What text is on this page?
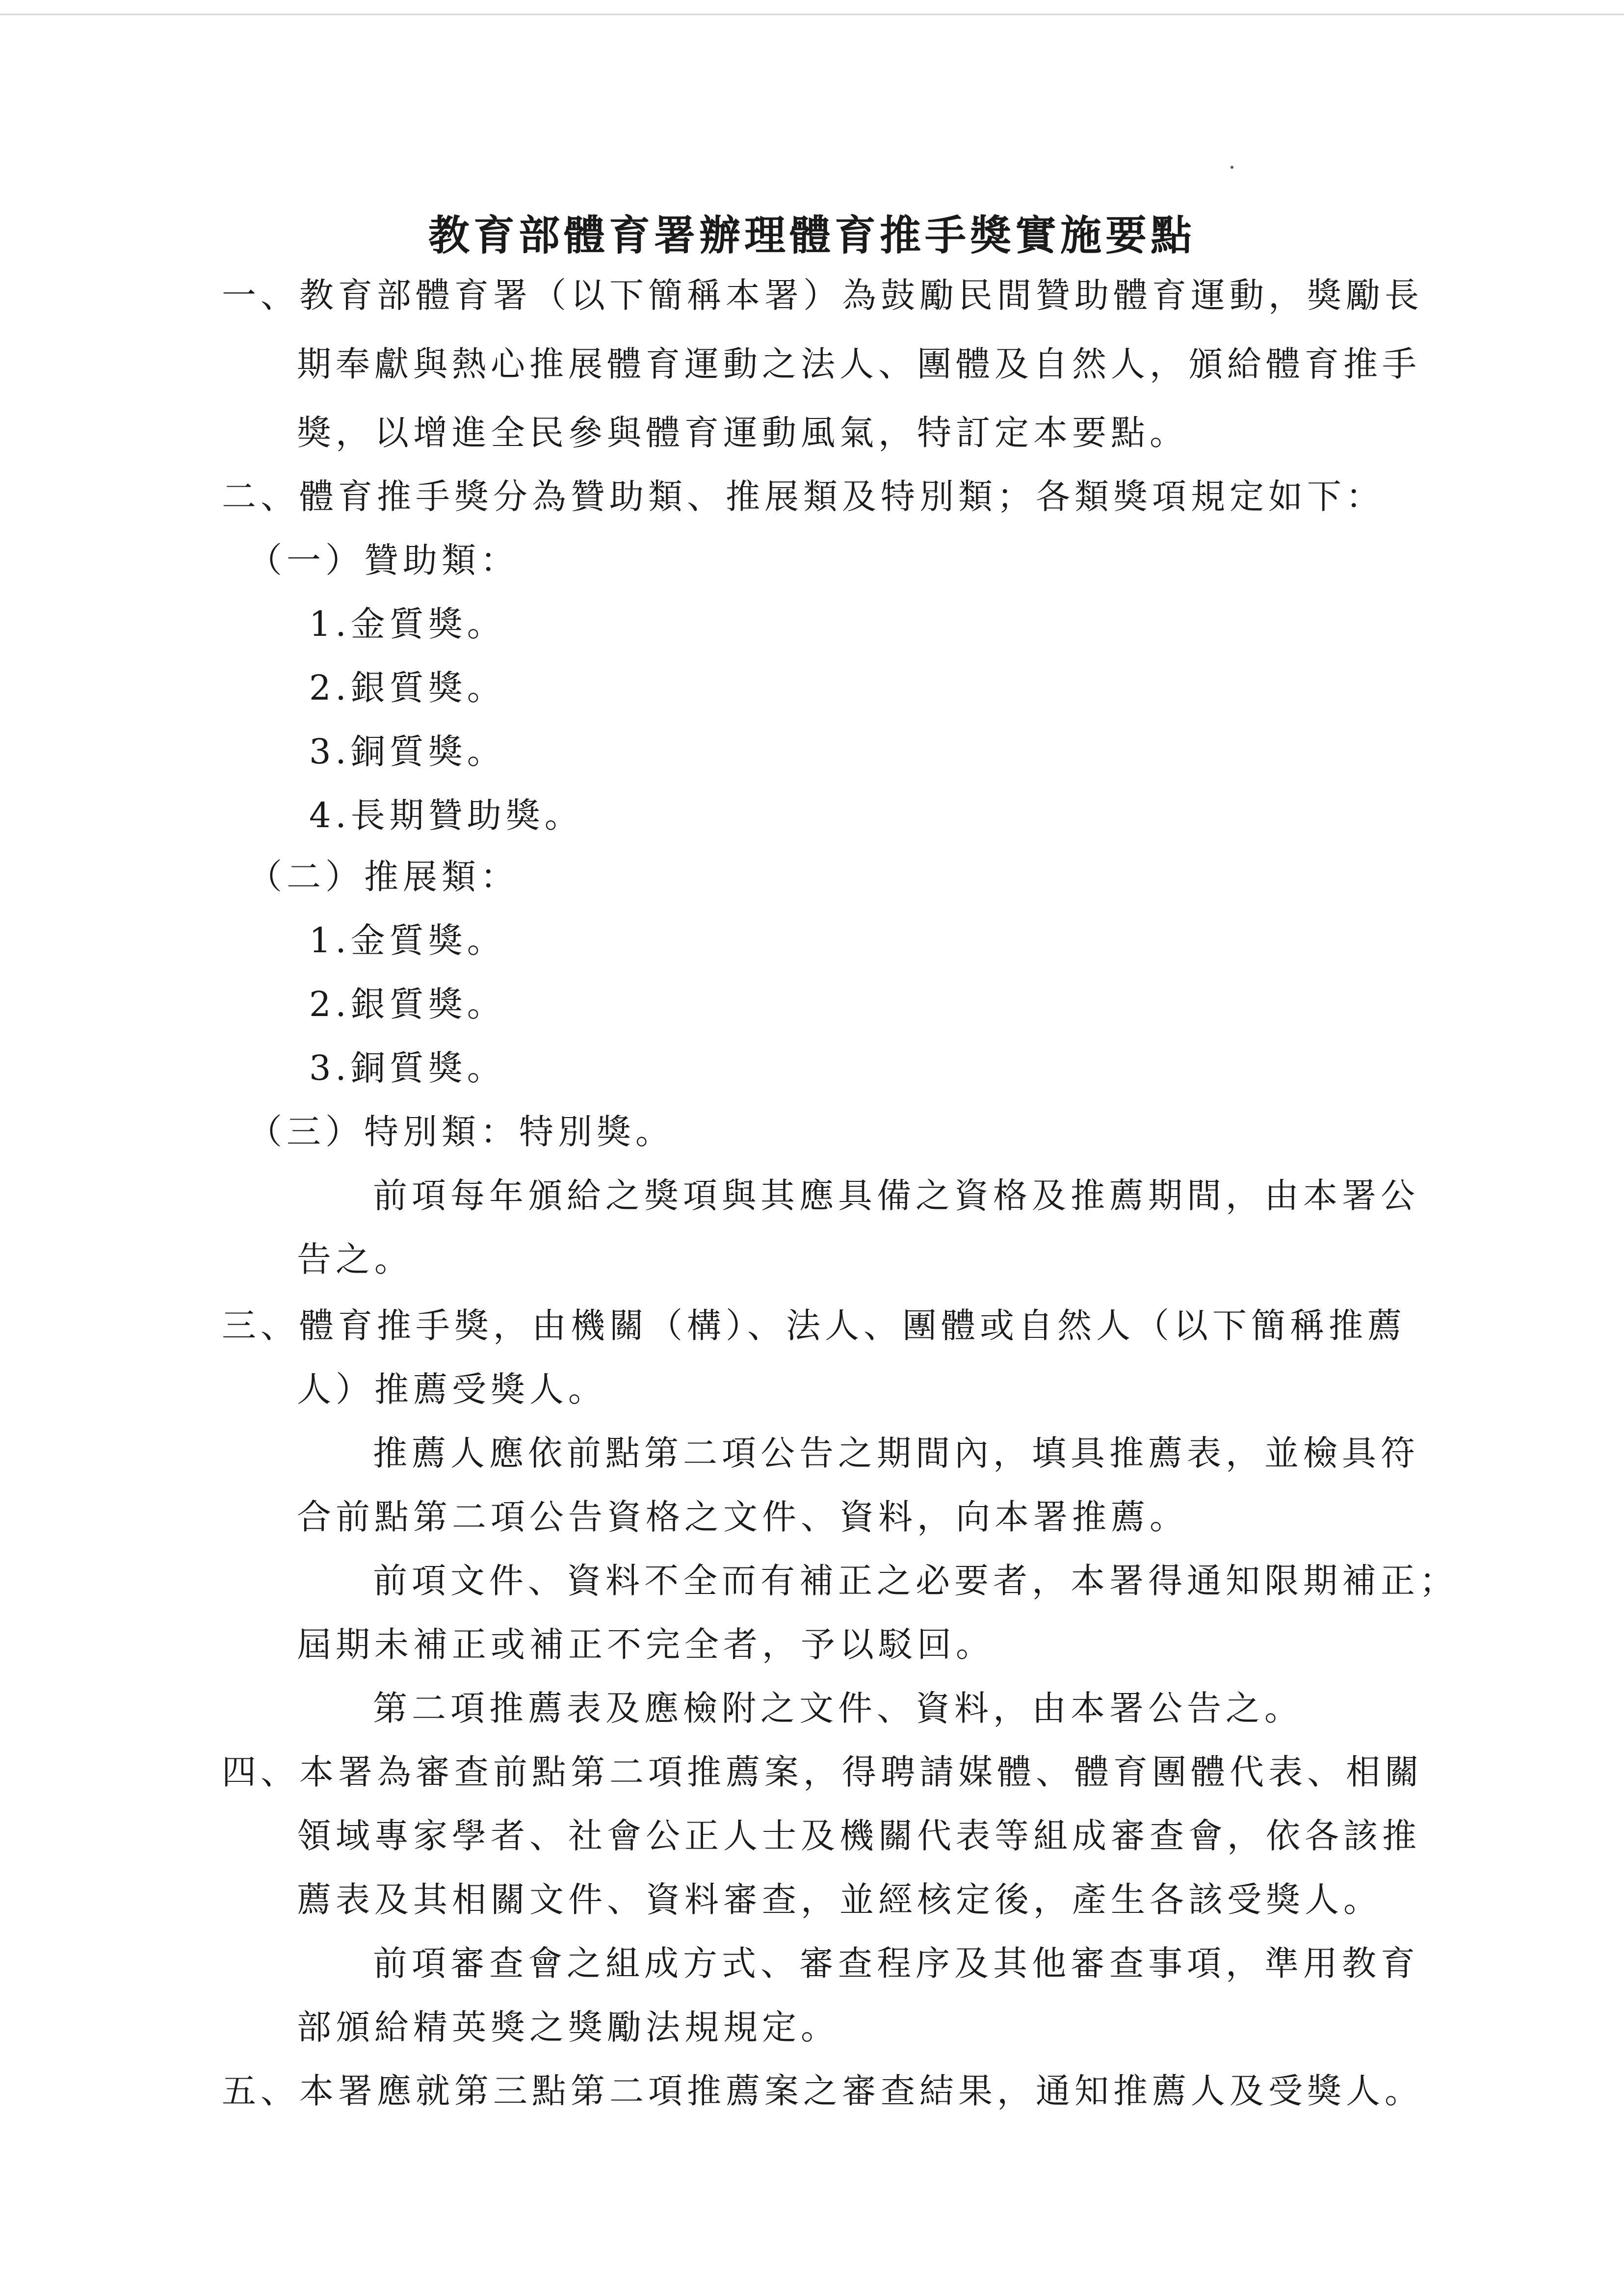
教育部體育署辦理體育推手獎實施要點
一、教育部體育署（以下簡稱本署）為鼓勵民間贊助體育運動，獎勵長
期奉獻與熱心推展體育運動之法人、團體及自然人，頒給體育推手
獎，以增進全民參與體育運動風氣，特訂定本要點。
二、體育推手獎分為贊助類、推展類及特別類；各類獎項規定如下：
（一）贊助類：
1.金質獎。
2.銀質獎。
3.銅質獎。
4.長期贊助獎。
（二）推展類：
1.金質獎。
2.銀質獎。
3.銅質獎。
（三）特別類：特別獎。
前項每年頒給之獎項與其應具備之資格及推薦期間，由本署公
告之。
三、體育推手獎，由機關（構）、法人、團體或自然人（以下簡稱推薦
人）推薦受獎人。
推薦人應依前點第二項公告之期間內，填具推薦表，並檢具符
合前點第二項公告資格之文件、資料，向本署推薦。
前項文件、資料不全而有補正之必要者，本署得通知限期補正；
屆期未補正或補正不完全者，予以駁回。
第二項推薦表及應檢附之文件、資料，由本署公告之。
四、本署為審查前點第二項推薦案，得聘請媒體、體育團體代表、相關
領域專家學者、社會公正人士及機關代表等組成審查會，依各該推
薦表及其相關文件、資料審查，並經核定後，產生各該受獎人。
前項審查會之組成方式、審查程序及其他審查事項，準用教育
部頒給精英獎之獎勵法規規定。
五、本署應就第三點第二項推薦案之審查結果，通知推薦人及受獎人。
